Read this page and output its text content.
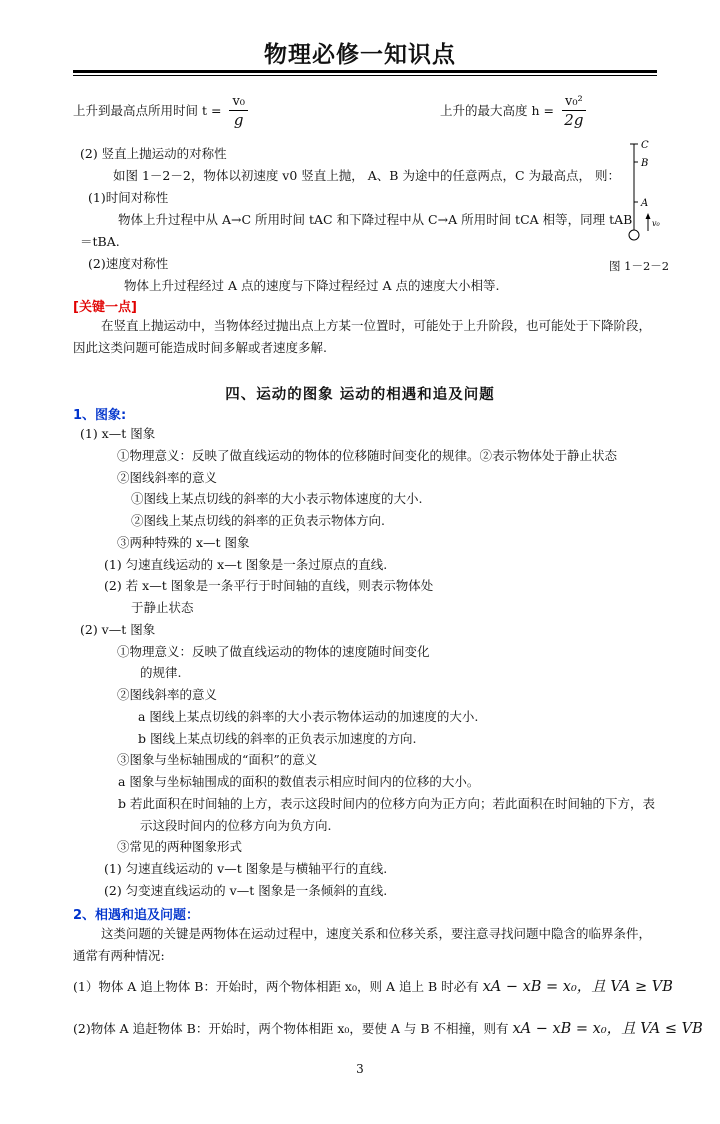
物理必修一知识点
上升到最高点所用时间 $t = \frac{\text{v₀}}{g}$	上升的最大高度 $h = \frac{\text{v₀²}}{2g}$
(2) 竖直上抛运动的对称性
如图 1－2－2，物体以初速度 v0 竖直上抛， A、B 为途中的任意两点，C 为最高点， 则：
(1)时间对称性
物体上升过程中从 A→C 所用时间 tAC 和下降过程中从 C→A 所用时间 tCA 相等，同理 tAB
＝tBA.
(2)速度对称性
物体上升过程经过 A 点的速度与下降过程经过 A 点的速度大小相等.
C
B
A
v₀
图 1－2－2
[关键一点]
在竖直上抛运动中，当物体经过抛出点上方某一位置时，可能处于上升阶段，也可能处于下降阶段，
因此这类问题可能造成时间多解或者速度多解.
四、运动的图象 运动的相遇和追及问题
1、图象:
(1) x—t 图象
①物理意义：反映了做直线运动的物体的位移随时间变化的规律。②表示物体处于静止状态
②图线斜率的意义
①图线上某点切线的斜率的大小表示物体速度的大小.
②图线上某点切线的斜率的正负表示物体方向.
③两种特殊的 x—t 图象
(1) 匀速直线运动的 x—t 图象是一条过原点的直线.
(2) 若 x—t 图象是一条平行于时间轴的直线，则表示物体处
于静止状态
(2) v—t 图象
①物理意义：反映了做直线运动的物体的速度随时间变化
的规律.
②图线斜率的意义
a 图线上某点切线的斜率的大小表示物体运动的加速度的大小.
b 图线上某点切线的斜率的正负表示加速度的方向.
③图象与坐标轴围成的“面积”的意义
a 图象与坐标轴围成的面积的数值表示相应时间内的位移的大小。
b 若此面积在时间轴的上方，表示这段时间内的位移方向为正方向；若此面积在时间轴的下方，表
示这段时间内的位移方向为负方向.
③常见的两种图象形式
(1) 匀速直线运动的 v—t 图象是与横轴平行的直线.
(2) 匀变速直线运动的 v—t 图象是一条倾斜的直线.
2、相遇和追及问题：
这类问题的关键是两物体在运动过程中，速度关系和位移关系，要注意寻找问题中隐含的临界条件，
通常有两种情况:
(1）物体 A 追上物体 B：开始时，两个物体相距 x₀，则 A 追上 B 时必有 xA − xB = x₀，且 VA ≥ VB
(2)物体 A 追赶物体 B：开始时，两个物体相距 x₀，要使 A 与 B 不相撞，则有 xA − xB = x₀，且 VA ≤ VB
3
